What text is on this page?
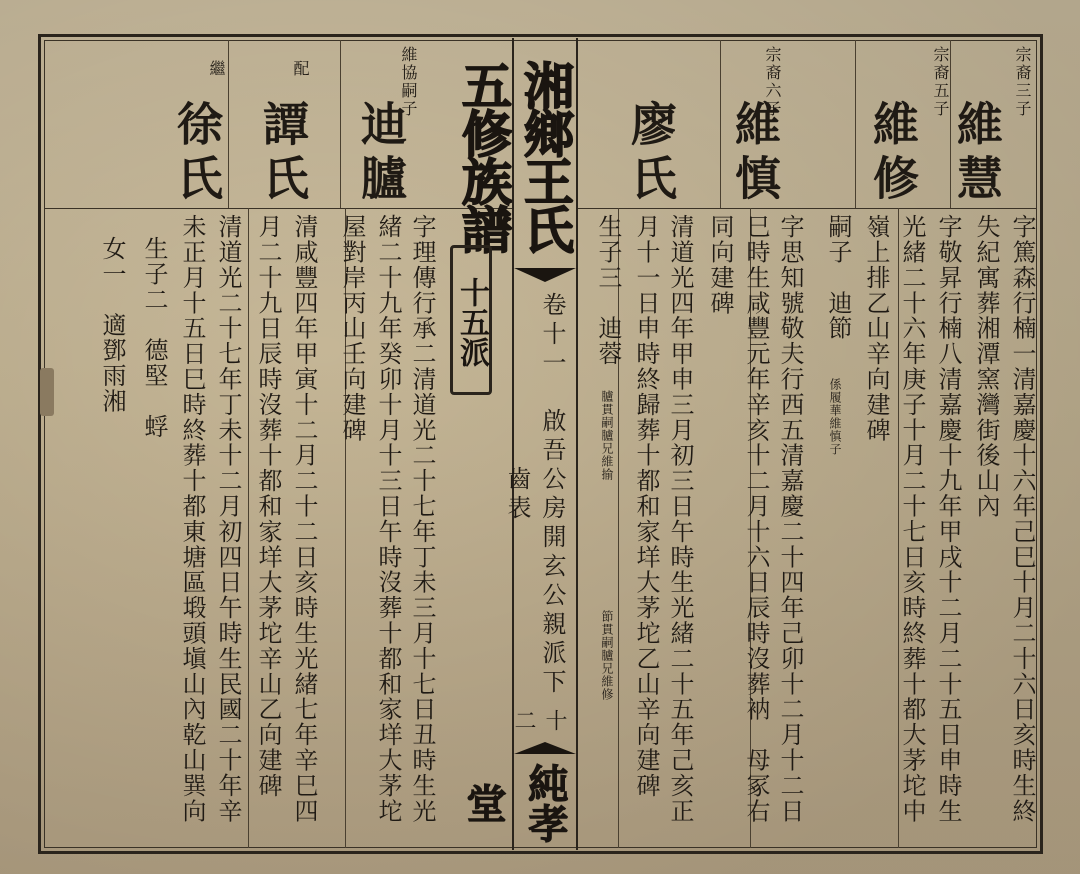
湘鄉王氏五修族譜
卷十一　啟吾公房開玄公親派下齒表
十二
純孝堂
宗裔三子
維慧
宗裔五子
維修
宗裔六子
維慎
廖氏
字篤森行楠一清嘉慶十六年己巳十月二十六日亥時生終
失紀寓葬湘潭窯灣街後山內
字敬昇行楠八清嘉慶十九年甲戌十二月二十五日申時生
光緒二十六年庚子十月二十七日亥時終葬十都大茅坨中
嶺上排乙山辛向建碑
嗣子　迪節
係履華維慎子
字思知號敬夫行西五清嘉慶二十四年己卯十二月十二日
巳時生咸豐元年辛亥十二月十六日辰時沒葬衲　母冢右
同向建碑
清道光四年甲申三月初三日午時生光緒二十五年己亥正
月十一日申時終歸葬十都和家垟大茅坨乙山辛向建碑
生子三　迪蓉
臚貫嗣臚兄維揄
節貫嗣臚兄維修
維協嗣子
迪臚
配
譚氏
繼
徐氏
十五派
字理傳行承二清道光二十七年丁未三月十七日丑時生光
緒二十九年癸卯十月十三日午時沒葬十都和家垟大茅坨
屋對岸丙山壬向建碑
清咸豐四年甲寅十二月二十二日亥時生光緒七年辛巳四
月二十九日辰時沒葬十都和家垟大茅坨辛山乙向建碑
清道光二十七年丁未十二月初四日午時生民國二十年辛
未正月十五日巳時終葬十都東塘區塅頭塡山內乾山巽向
生子二　德堅　蜉
女一　適鄧雨湘
